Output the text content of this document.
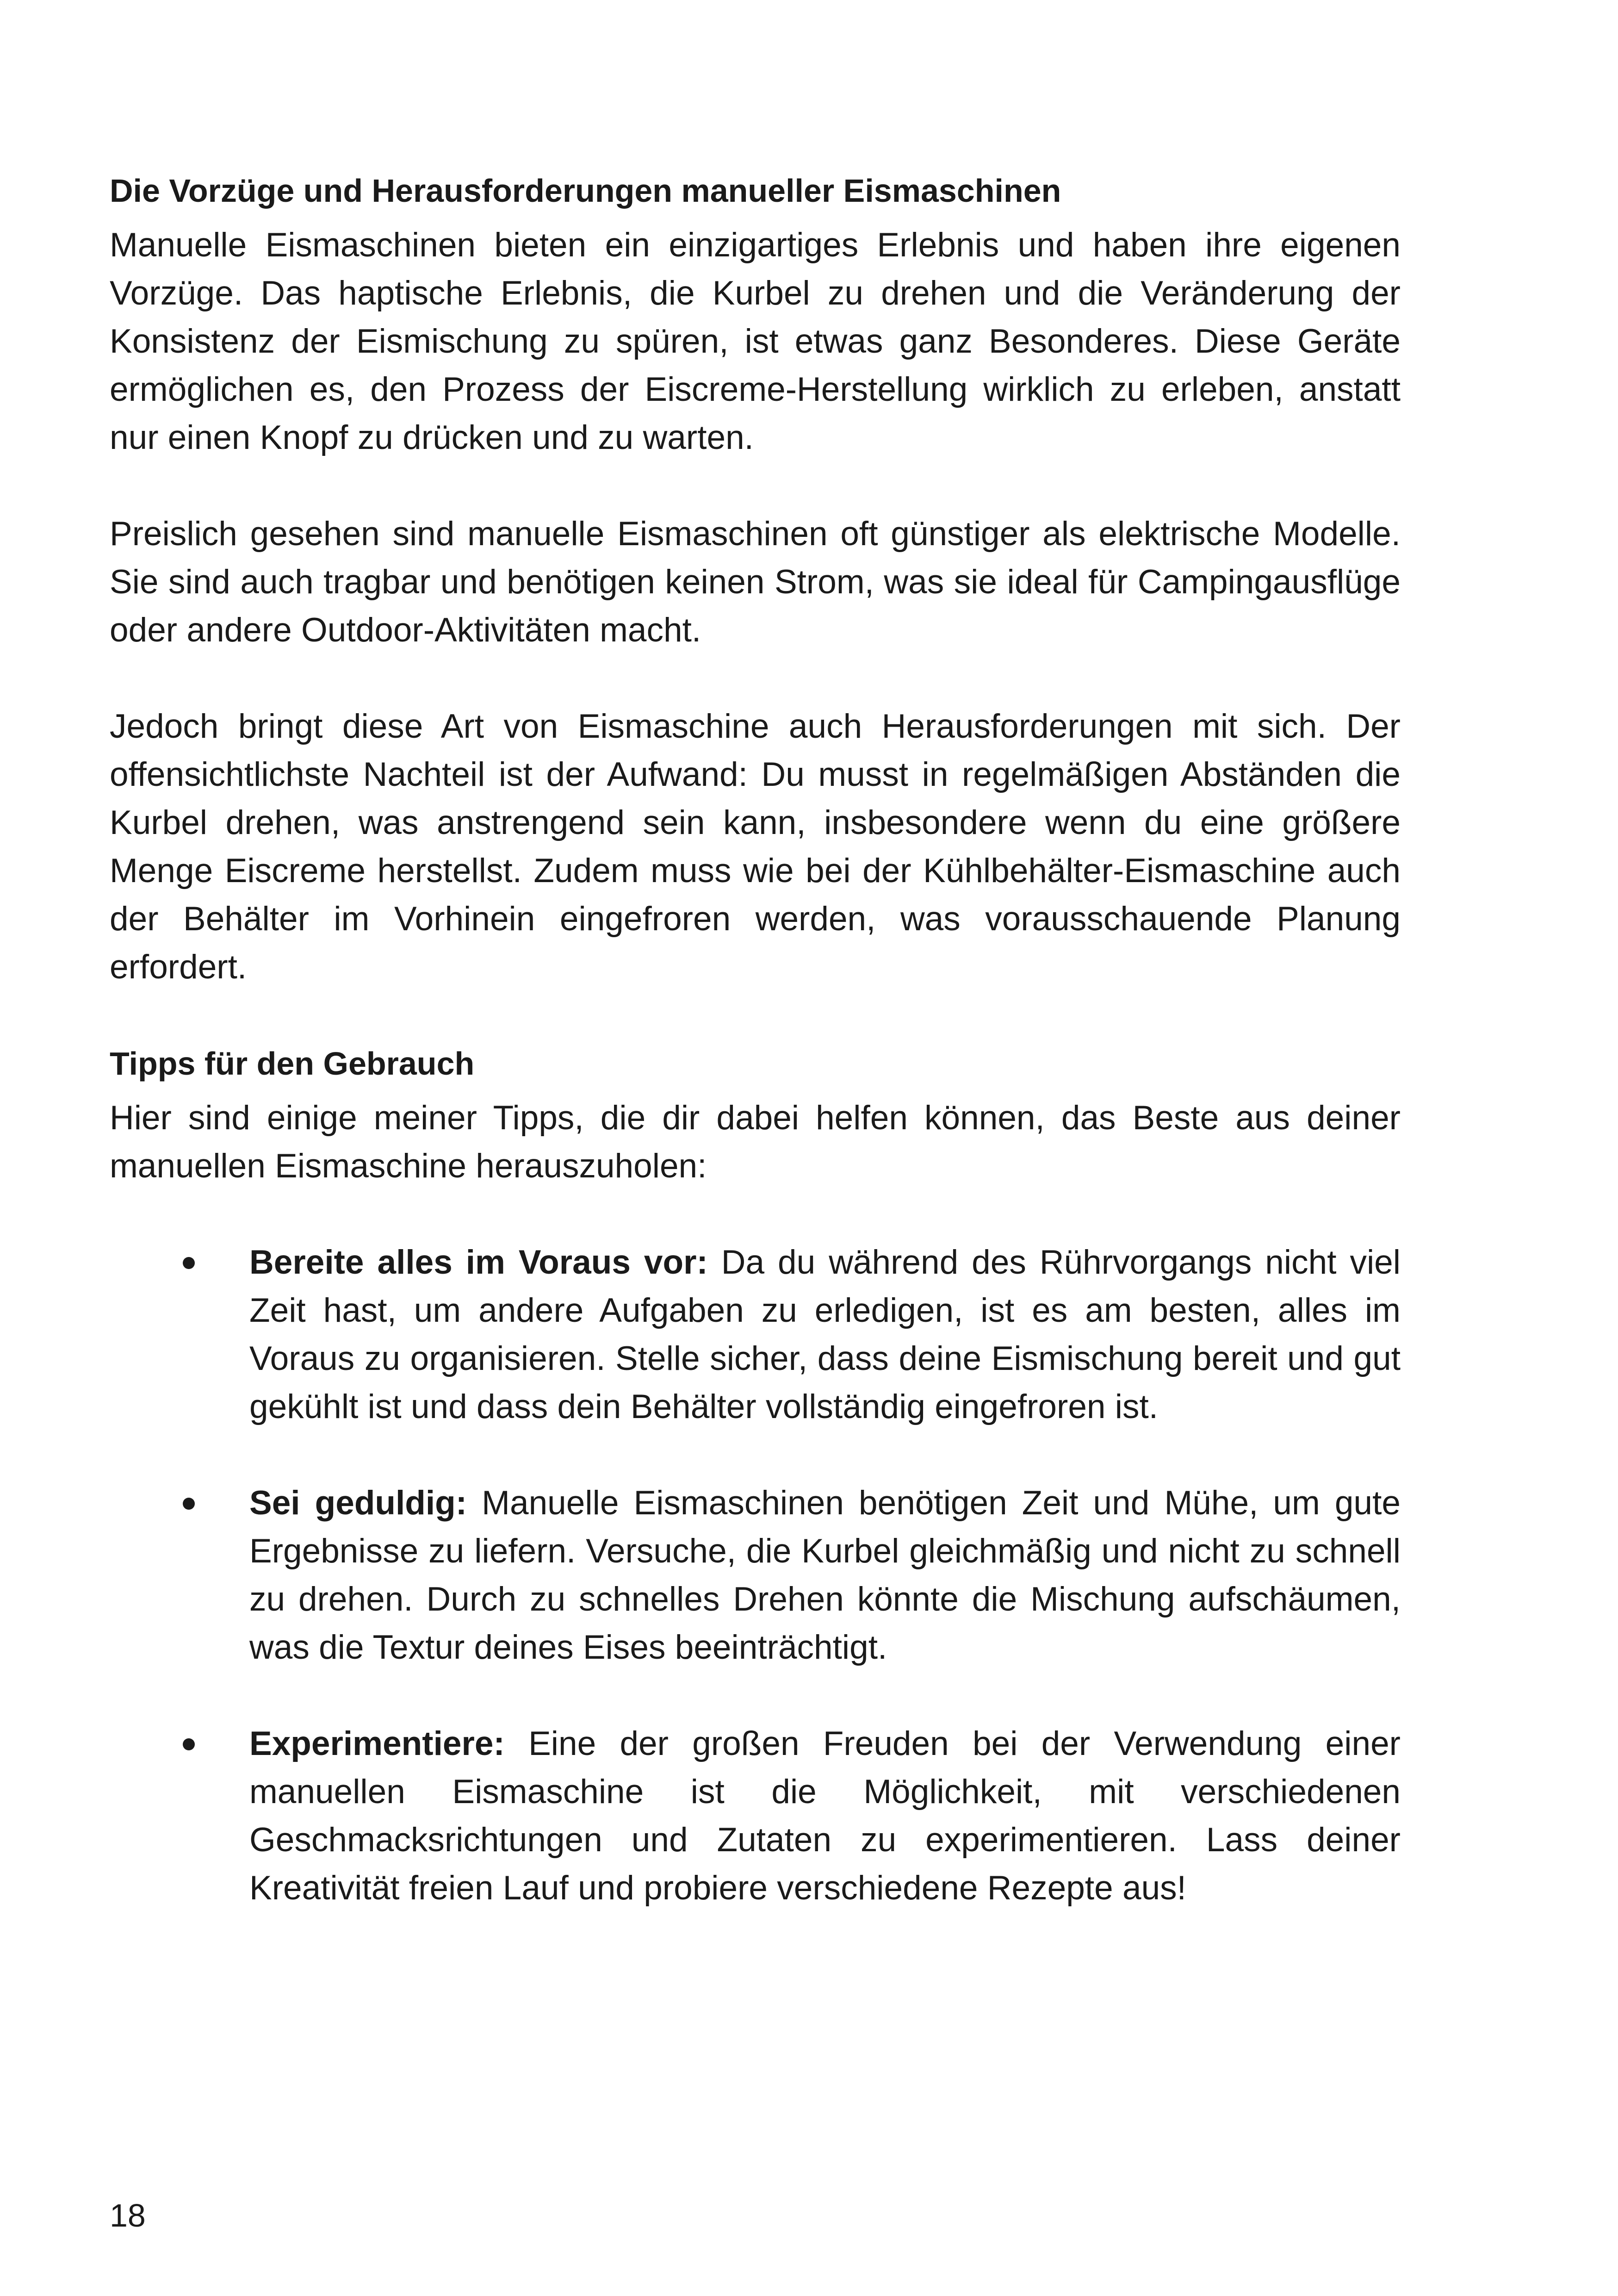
Die Vorzüge und Herausforderungen manueller Eismaschinen

Manuelle Eismaschinen bieten ein einzigartiges Erlebnis und haben ihre eigenen Vorzüge. Das haptische Erlebnis, die Kurbel zu drehen und die Veränderung der Konsistenz der Eismischung zu spüren, ist etwas ganz Besonderes. Diese Geräte ermöglichen es, den Prozess der Eiscreme-Herstellung wirklich zu erleben, anstatt nur einen Knopf zu drücken und zu warten.

Preislich gesehen sind manuelle Eismaschinen oft günstiger als elektrische Modelle. Sie sind auch tragbar und benötigen keinen Strom, was sie ideal für Campingausflüge oder andere Outdoor-Aktivitäten macht.

Jedoch bringt diese Art von Eismaschine auch Herausforderungen mit sich. Der offensichtlichste Nachteil ist der Aufwand: Du musst in regelmäßigen Abständen die Kurbel drehen, was anstrengend sein kann, insbesondere wenn du eine größere Menge Eiscreme herstellst. Zudem muss wie bei der Kühlbehälter-Eismaschine auch der Behälter im Vorhinein eingefroren werden, was vorausschauende Planung erfordert.

Tipps für den Gebrauch

Hier sind einige meiner Tipps, die dir dabei helfen können, das Beste aus deiner manuellen Eismaschine herauszuholen:

Bereite alles im Voraus vor: Da du während des Rührvorgangs nicht viel Zeit hast, um andere Aufgaben zu erledigen, ist es am besten, alles im Voraus zu organisieren. Stelle sicher, dass deine Eismischung bereit und gut gekühlt ist und dass dein Behälter vollständig eingefroren ist.
Sei geduldig: Manuelle Eismaschinen benötigen Zeit und Mühe, um gute Ergebnisse zu liefern. Versuche, die Kurbel gleichmäßig und nicht zu schnell zu drehen. Durch zu schnelles Drehen könnte die Mischung aufschäumen, was die Textur deines Eises beeinträchtigt.
Experimentiere: Eine der großen Freuden bei der Verwendung einer manuellen Eismaschine ist die Möglichkeit, mit verschiedenen Geschmacksrichtungen und Zutaten zu experimentieren. Lass deiner Kreativität freien Lauf und probiere verschiedene Rezepte aus!
18
